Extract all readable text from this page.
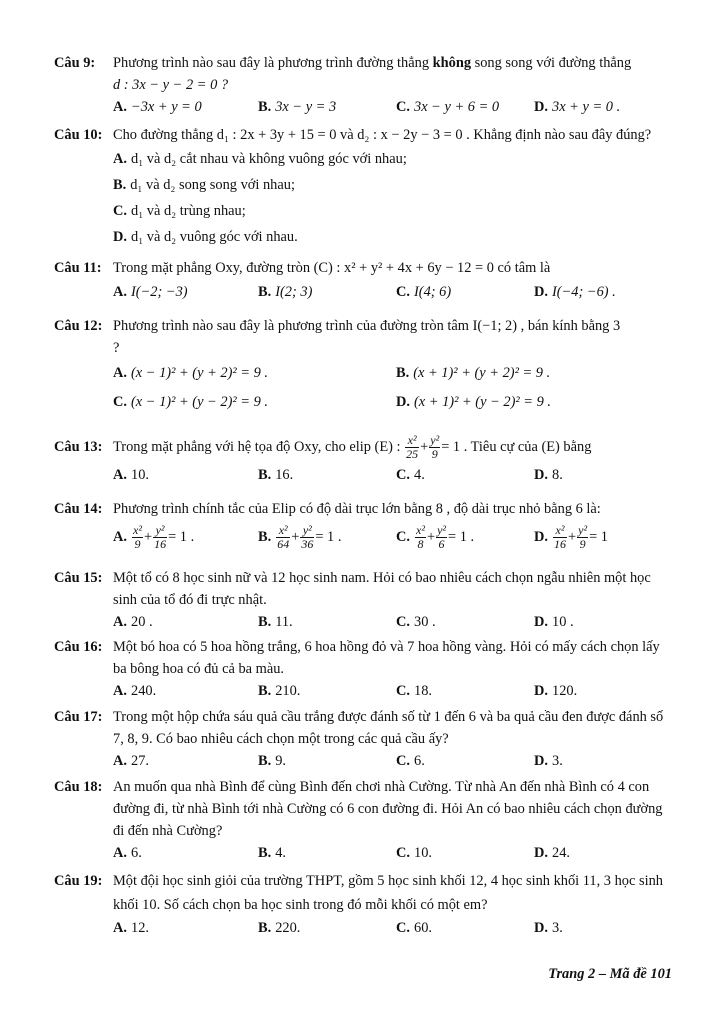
Câu 9: Phương trình nào sau đây là phương trình đường thẳng không song song với đường thẳng
d : 3x − y − 2 = 0 ?
A. −3x + y = 0	B. 3x − y = 3	C. 3x − y + 6 = 0 D. 3x + y = 0 .
Câu 10: Cho đường thẳng d₁ : 2x + 3y + 15 = 0 và d₂ : x − 2y − 3 = 0 . Khẳng định nào sau đây đúng?
A. d₁ và d₂ cắt nhau và không vuông góc với nhau;
B. d₁ và d₂ song song với nhau;
C. d₁ và d₂ trùng nhau;
D. d₁ và d₂ vuông góc với nhau.
Câu 11: Trong mặt phẳng Oxy, đường tròn (C) : x² + y² + 4x + 6y − 12 = 0 có tâm là
A. I(−2; −3)	B. I(2; 3)	C. I(4; 6)	D. I(−4; −6) .
Câu 12: Phương trình nào sau đây là phương trình của đường tròn tâm I(−1; 2) , bán kính bằng 3
?
A. (x − 1)² + (y + 2)² = 9 .	B. (x + 1)² + (y + 2)² = 9 .
C. (x − 1)² + (y − 2)² = 9 .	D. (x + 1)² + (y − 2)² = 9 .
Câu 13: Trong mặt phẳng với hệ tọa độ Oxy, cho elip (E) : $\frac{\text{x²}}{25} + \frac{\text{y²}}{9} = 1$ . Tiêu cự của (E) bằng
A. 10.	B. 16.	C. 4.	D. 8.
Câu 14: Phương trình chính tắc của Elip có độ dài trục lớn bằng 8 , độ dài trục nhỏ bằng 6 là:
A. $\frac{\text{x²}}{9} + \frac{\text{y²}}{16} = 1$ .	B. $\frac{\text{x²}}{64} + \frac{\text{y²}}{36} = 1$ .	C. $\frac{\text{x²}}{8} + \frac{\text{y²}}{6} = 1$ .	D. $\frac{\text{x²}}{16} + \frac{\text{y²}}{9} = 1$
Câu 15: Một tổ có 8 học sinh nữ và 12 học sinh nam. Hỏi có bao nhiêu cách chọn ngẫu nhiên một học sinh của tổ đó đi trực nhật.
A. 20 .	B. 11.	C. 30 .	D. 10 .
Câu 16: Một bó hoa có 5 hoa hồng trắng, 6 hoa hồng đỏ và 7 hoa hồng vàng. Hỏi có mấy cách chọn lấy ba bông hoa có đủ cả ba màu.
A. 240.	B. 210.	C. 18.	D. 120.
Câu 17: Trong một hộp chứa sáu quả cầu trắng được đánh số từ 1 đến 6 và ba quả cầu đen được đánh số 7, 8, 9. Có bao nhiêu cách chọn một trong các quả cầu ấy?
A. 27.	B. 9.	C. 6.	D. 3.
Câu 18: An muốn qua nhà Bình để cùng Bình đến chơi nhà Cường. Từ nhà An đến nhà Bình có 4 con đường đi, từ nhà Bình tới nhà Cường có 6 con đường đi. Hỏi An có bao nhiêu cách chọn đường đi đến nhà Cường?
A. 6.	B. 4.	C. 10.	D. 24.
Câu 19: Một đội học sinh giỏi của trường THPT, gồm 5 học sinh khối 12, 4 học sinh khối 11, 3 học sinh khối 10. Số cách chọn ba học sinh trong đó mỗi khối có một em?
A. 12.	B. 220.	C. 60.	D. 3.
Trang 2 – Mã đề 101
